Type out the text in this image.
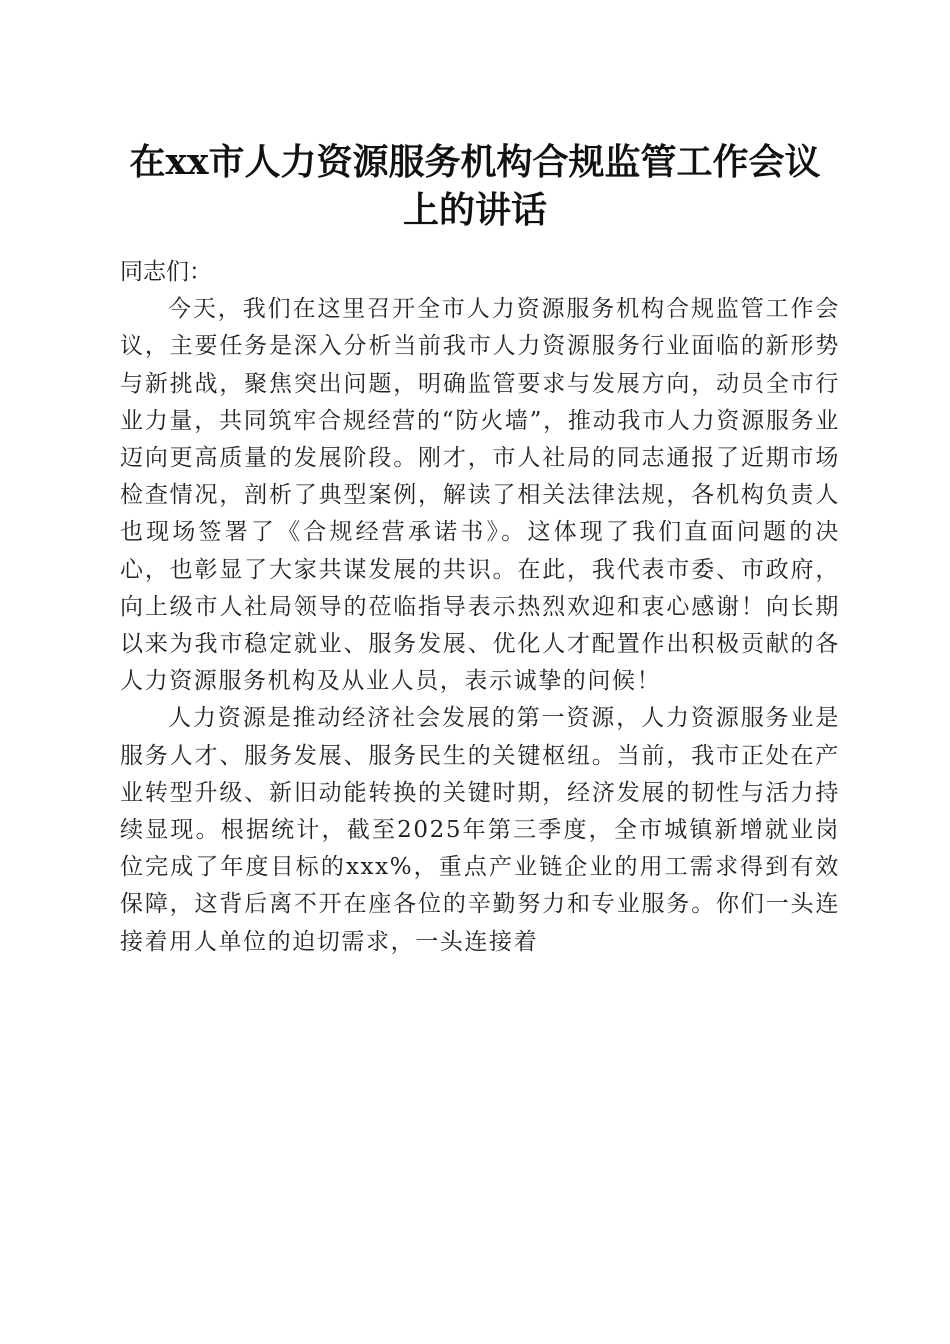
在xx市人力资源服务机构合规监管工作会议
上的讲话

同志们：

今天，我们在这里召开全市人力资源服务机构合规监管工作会议，主要任务是深入分析当前我市人力资源服务行业面临的新形势与新挑战，聚焦突出问题，明确监管要求与发展方向，动员全市行业力量，共同筑牢合规经营的“防火墙”，推动我市人力资源服务业迈向更高质量的发展阶段。刚才，市人社局的同志通报了近期市场检查情况，剖析了典型案例，解读了相关法律法规，各机构负责人也现场签署了《合规经营承诺书》。这体现了我们直面问题的决心，也彰显了大家共谋发展的共识。在此，我代表市委、市政府，向上级市人社局领导的莅临指导表示热烈欢迎和衷心感谢！向长期以来为我市稳定就业、服务发展、优化人才配置作出积极贡献的各人力资源服务机构及从业人员，表示诚挚的问候！

人力资源是推动经济社会发展的第一资源，人力资源服务业是服务人才、服务发展、服务民生的关键枢纽。当前，我市正处在产业转型升级、新旧动能转换的关键时期，经济发展的韧性与活力持续显现。根据统计，截至2025年第三季度，全市城镇新增就业岗位完成了年度目标的xxx%，重点产业链企业的用工需求得到有效保障，这背后离不开在座各位的辛勤努力和专业服务。你们一头连接着用人单位的迫切需求，一头连接着
